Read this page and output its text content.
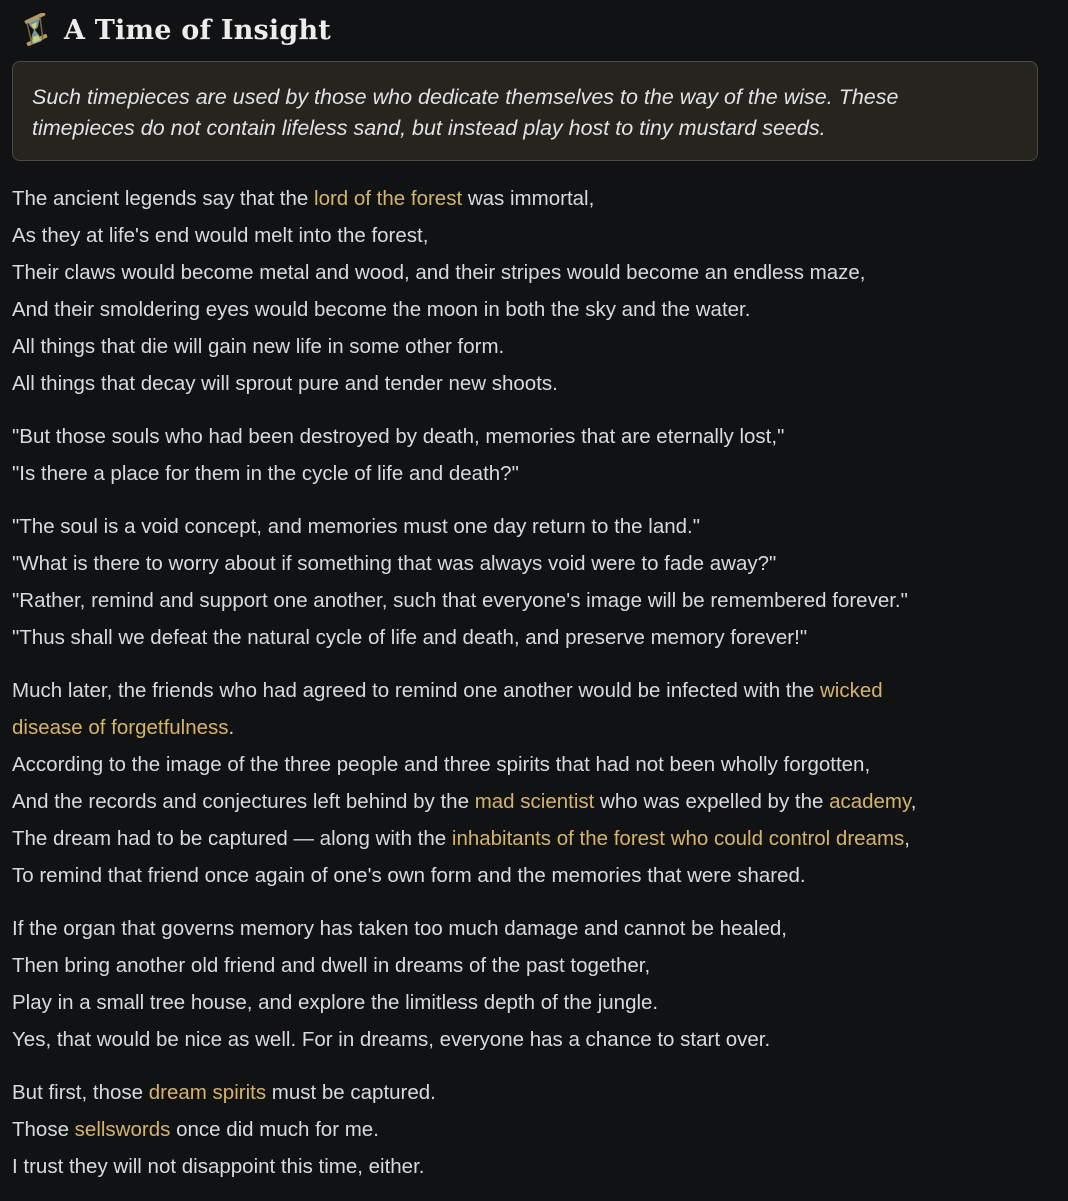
A Time of Insight

Such timepieces are used by those who dedicate themselves to the way of the wise. These

timepieces do not contain lifeless sand, but instead play host to tiny mustard seeds.

The ancient legends say that the lord of the forest was immortal,
As they at life's end would melt into the forest,
Their claws would become metal and wood, and their stripes would become an endless maze,
And their smoldering eyes would become the moon in both the sky and the water.
All things that die will gain new life in some other form.
All things that decay will sprout pure and tender new shoots.
"But those souls who had been destroyed by death, memories that are eternally lost,"
"Is there a place for them in the cycle of life and death?"
"The soul is a void concept, and memories must one day return to the land."
"What is there to worry about if something that was always void were to fade away?"
"Rather, remind and support one another, such that everyone's image will be remembered forever."
"Thus shall we defeat the natural cycle of life and death, and preserve memory forever!"
Much later, the friends who had agreed to remind one another would be infected with the wicked
disease of forgetfulness.
According to the image of the three people and three spirits that had not been wholly forgotten,
And the records and conjectures left behind by the mad scientist who was expelled by the academy,
The dream had to be captured — along with the inhabitants of the forest who could control dreams,
To remind that friend once again of one's own form and the memories that were shared.
If the organ that governs memory has taken too much damage and cannot be healed,
Then bring another old friend and dwell in dreams of the past together,
Play in a small tree house, and explore the limitless depth of the jungle.
Yes, that would be nice as well. For in dreams, everyone has a chance to start over.
But first, those dream spirits must be captured.
Those sellswords once did much for me.
I trust they will not disappoint this time, either.
